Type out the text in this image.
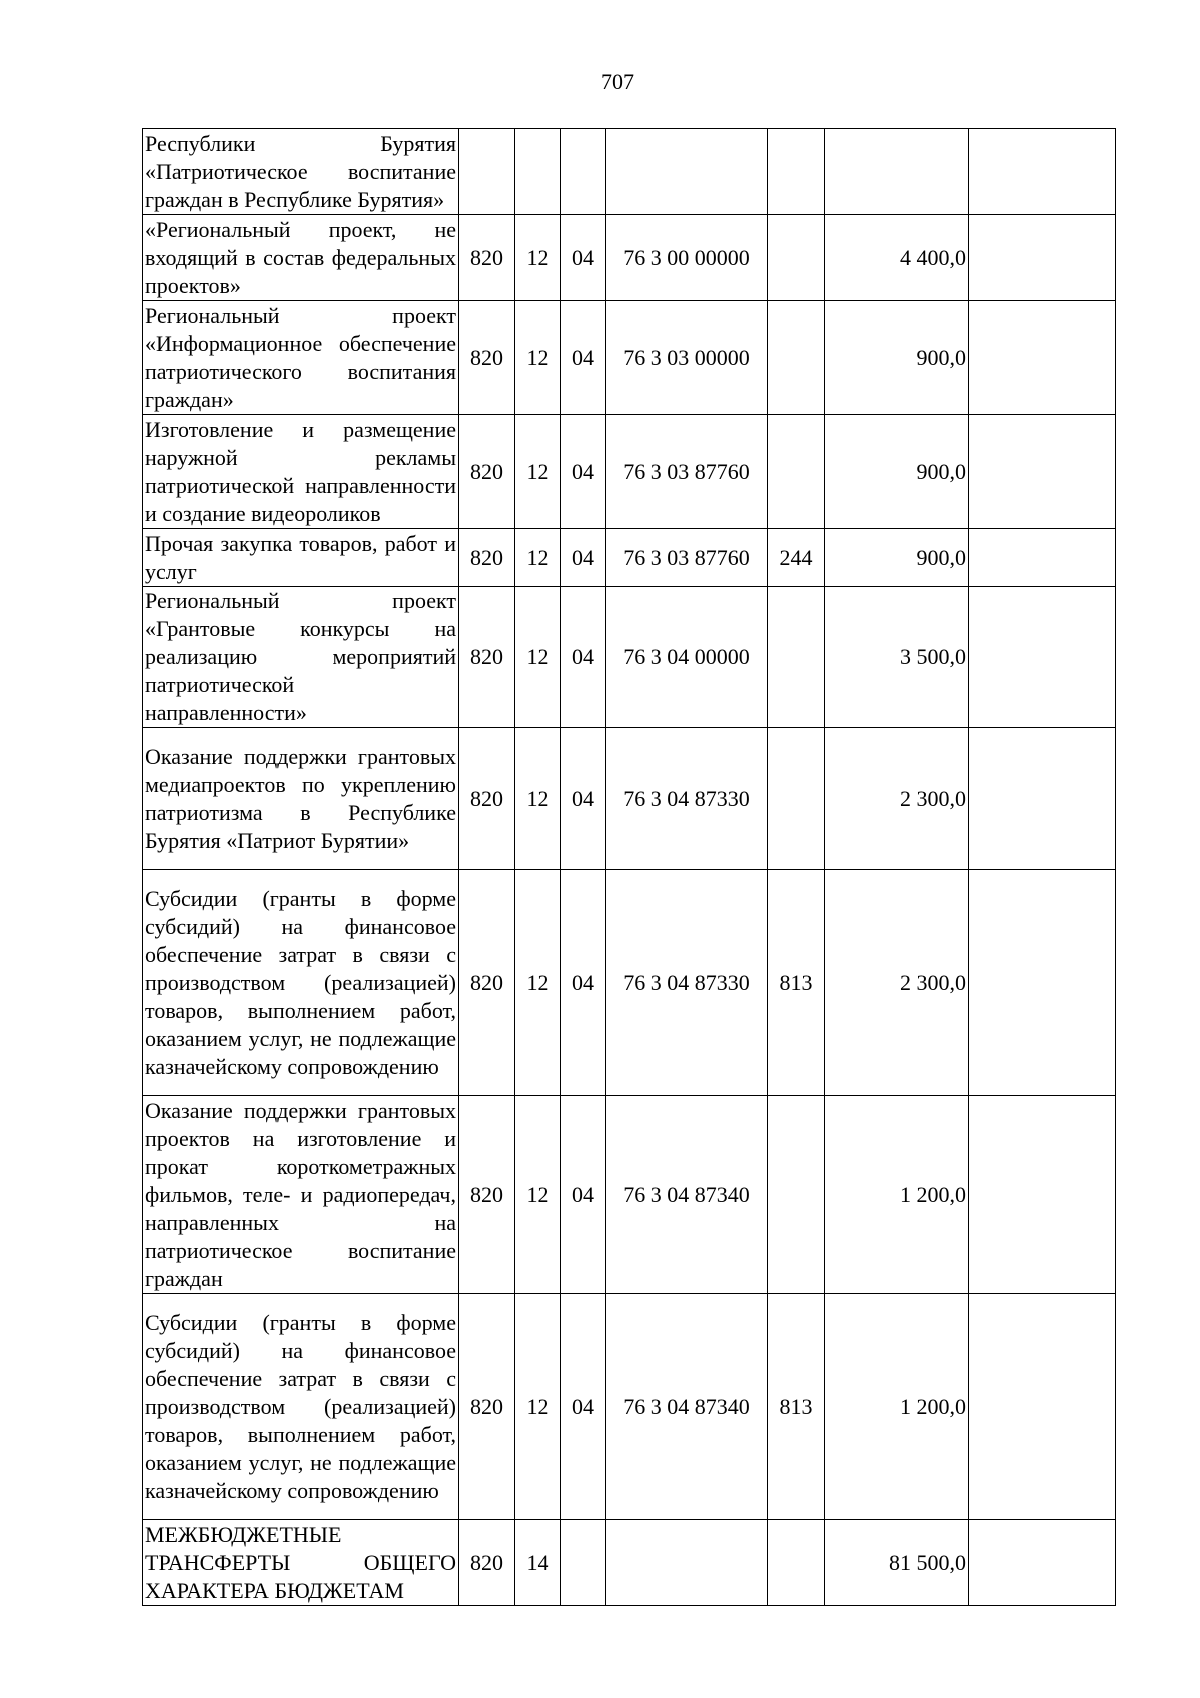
707
Республики Бурятия «Патриотическое воспитание граждан в Республике Бурятия»							
«Региональный проект, не входящий в состав федеральных проектов»	820	12	04	76 3 00 00000		4 400,0	
Региональный проект «Информационное обеспечение патриотического воспитания граждан»	820	12	04	76 3 03 00000		900,0	
Изготовление и размещение наружной рекламы патриотической направленности и создание видеороликов	820	12	04	76 3 03 87760		900,0	
Прочая закупка товаров, работ и услуг	820	12	04	76 3 03 87760	244	900,0	
Региональный проект «Грантовые конкурсы на реализацию мероприятий патриотической направленности»	820	12	04	76 3 04 00000		3 500,0	
Оказание поддержки грантовых медиапроектов по укреплению патриотизма в Республике Бурятия «Патриот Бурятии»	820	12	04	76 3 04 87330		2 300,0	
Субсидии (гранты в форме субсидий) на финансовое обеспечение затрат в связи с производством (реализацией) товаров, выполнением работ, оказанием услуг, не подлежащие казначейскому сопровождению	820	12	04	76 3 04 87330	813	2 300,0	
Оказание поддержки грантовых проектов на изготовление и прокат короткометражных фильмов, теле- и радиопередач, направленных на патриотическое воспитание граждан	820	12	04	76 3 04 87340		1 200,0	
Субсидии (гранты в форме субсидий) на финансовое обеспечение затрат в связи с производством (реализацией) товаров, выполнением работ, оказанием услуг, не подлежащие казначейскому сопровождению	820	12	04	76 3 04 87340	813	1 200,0	
МЕЖБЮДЖЕТНЫЕ ТРАНСФЕРТЫ ОБЩЕГО ХАРАКТЕРА БЮДЖЕТАМ	820	14				81 500,0	
